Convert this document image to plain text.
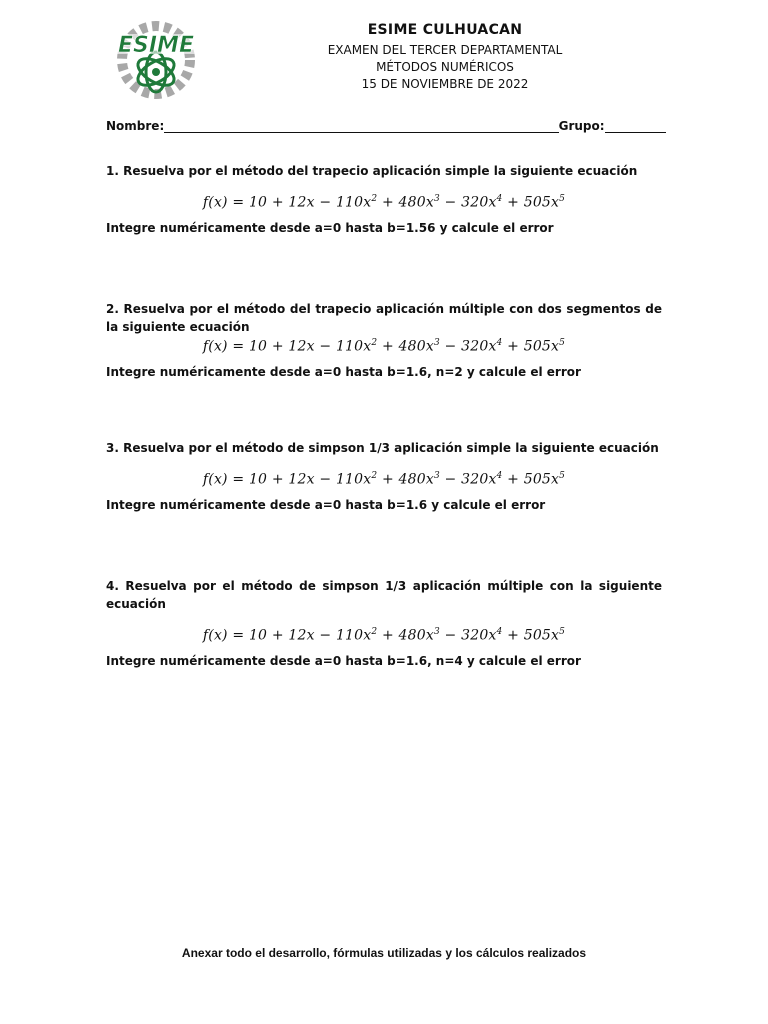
ESIME
ESIME CULHUACAN
EXAMEN DEL TERCER DEPARTAMENTAL
MÉTODOS NUMÉRICOS
15 DE NOVIEMBRE DE 2022
Nombre:	Grupo:
1. Resuelva por el método del trapecio aplicación simple la siguiente ecuación
$f(x) = 10 + 12x - 110x^2 + 480x^3 - 320x^4 + 505x^5$
Integre numéricamente desde a=0 hasta b=1.56 y calcule el error
2. Resuelva por el método del trapecio aplicación múltiple con dos segmentos de la siguiente ecuación
$f(x) = 10 + 12x - 110x^2 + 480x^3 - 320x^4 + 505x^5$
Integre numéricamente desde a=0 hasta b=1.6, n=2 y calcule el error
3. Resuelva por el método de simpson 1/3 aplicación simple la siguiente ecuación
$f(x) = 10 + 12x - 110x^2 + 480x^3 - 320x^4 + 505x^5$
Integre numéricamente desde a=0 hasta b=1.6 y calcule el error
4. Resuelva por el método de simpson 1/3 aplicación múltiple con la siguiente ecuación
$f(x) = 10 + 12x - 110x^2 + 480x^3 - 320x^4 + 505x^5$
Integre numéricamente desde a=0 hasta b=1.6, n=4 y calcule el error
Anexar todo el desarrollo, fórmulas utilizadas y los cálculos realizados
